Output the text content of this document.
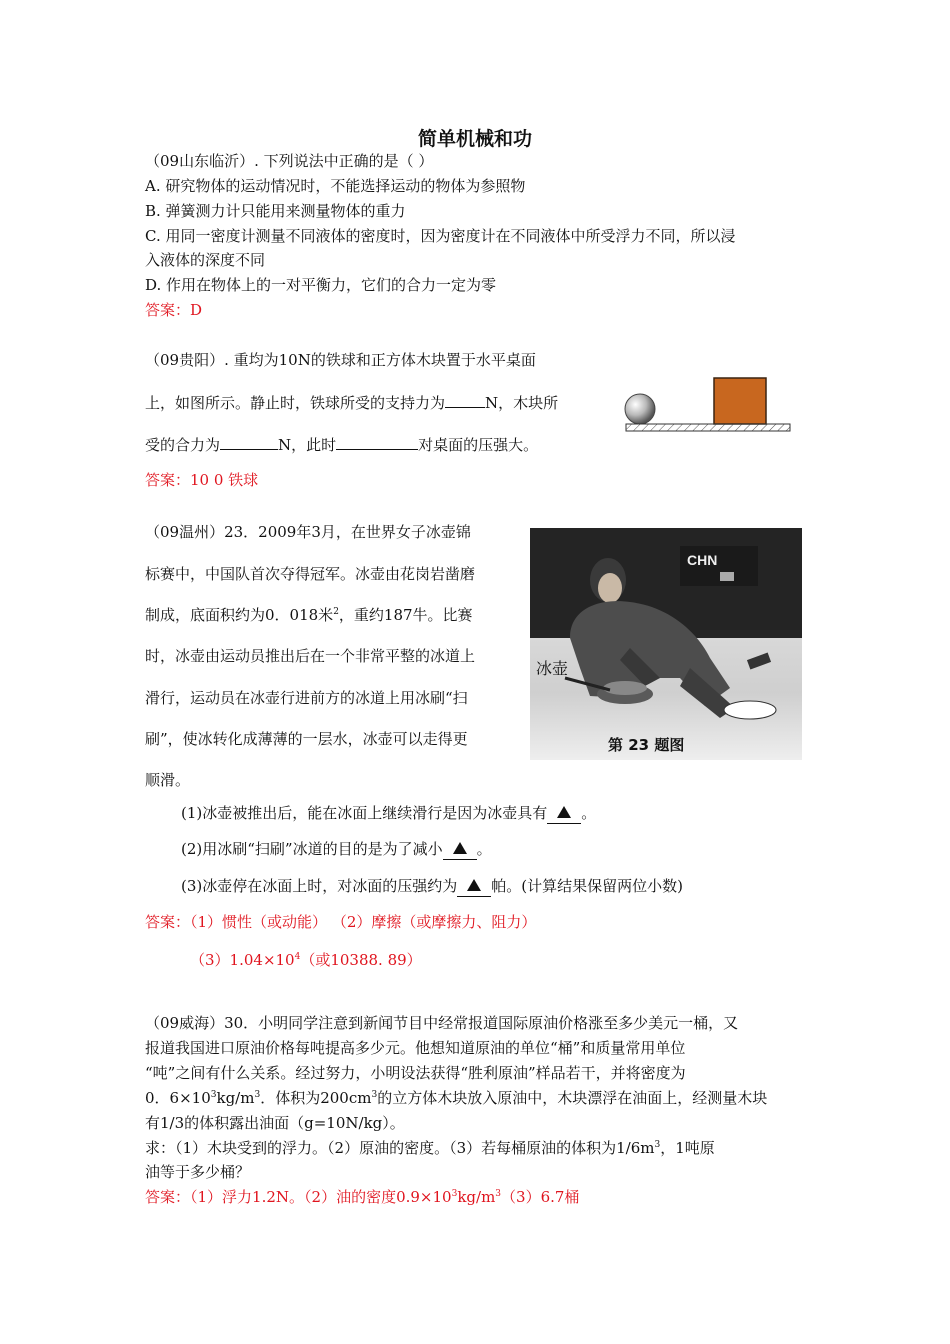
简单机械和功
（09山东临沂）. 下列说法中正确的是（ ）
A. 研究物体的运动情况时，不能选择运动的物体为参照物
B. 弹簧测力计只能用来测量物体的重力
C. 用同一密度计测量不同液体的密度时，因为密度计在不同液体中所受浮力不同，所以浸
入液体的深度不同
D. 作用在物体上的一对平衡力，它们的合力一定为零
答案：D
（09贵阳）. 重均为10N的铁球和正方体木块置于水平桌面
上，如图所示。静止时，铁球所受的支持力为	N，木块所
受的合力为	N，此时	对桌面的压强大。
答案：10 0 铁球
（09温州）23．2009年3月，在世界女子冰壶锦
标赛中，中国队首次夺得冠军。冰壶由花岗岩凿磨
制成，底面积约为0．018米$^2$，重约187牛。比赛
时，冰壶由运动员推出后在一个非常平整的冰道上
滑行，运动员在冰壶行进前方的冰道上用冰刷“扫
刷”，使冰转化成薄薄的一层水，冰壶可以走得更
顺滑。
CHN
冰壶
第 23 题图
(1)冰壶被推出后，能在冰面上继续滑行是因为冰壶具有 。
(2)用冰刷“扫刷”冰道的目的是为了减小 。
(3)冰壶停在冰面上时，对冰面的压强约为 帕。(计算结果保留两位小数)
答案：（1）惯性（或动能） （2）摩擦（或摩擦力、阻力）
$(3)1.04\times 10^4$（或10388. 89）
（09威海）30．小明同学注意到新闻节目中经常报道国际原油价格涨至多少美元一桶，又
报道我国进口原油价格每吨提高多少元。他想知道原油的单位“桶”和质量常用单位
“吨”之间有什么关系。经过努力，小明设法获得“胜利原油”样品若干，并将密度为
0．$6\times 10^3kg/m^3$．体积为$200cm^3$的立方体木块放入原油中，木块漂浮在油面上，经测量木块
有1/3的体积露出油面（g=10N/kg）。
求：（1）木块受到的浮力。（2）原油的密度。（3）若每桶原油的体积为$1/6m^3$，1吨原
油等于多少桶？
答案：（1）浮力1.2N。（2）油的密度$0.9\times 10^3kg/m^3(3)6.7$桶
